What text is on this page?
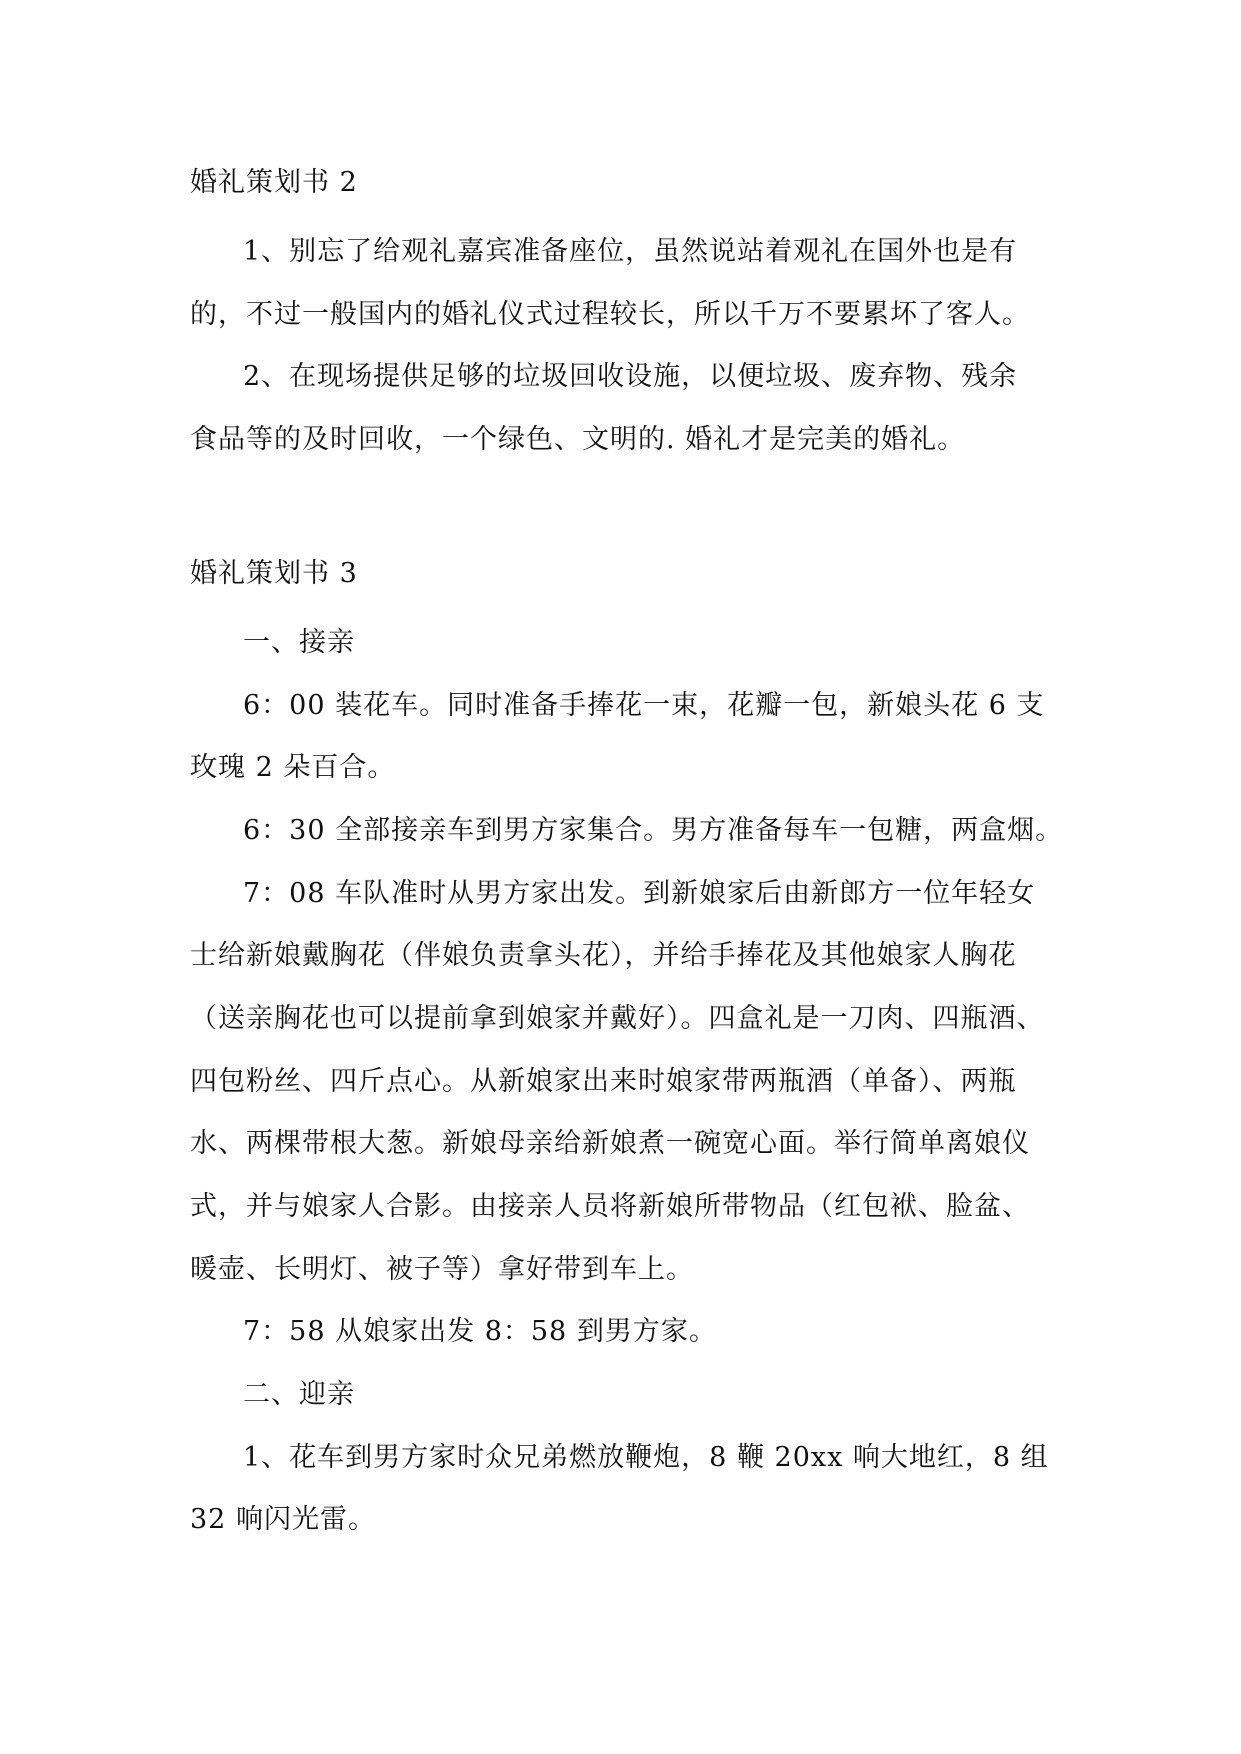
婚礼策划书 2
1、别忘了给观礼嘉宾准备座位，虽然说站着观礼在国外也是有
的，不过一般国内的婚礼仪式过程较长，所以千万不要累坏了客人。
2、在现场提供足够的垃圾回收设施，以便垃圾、废弃物、残余
食品等的及时回收，一个绿色、文明的. 婚礼才是完美的婚礼。
婚礼策划书 3
一、接亲
6：00 装花车。同时准备手捧花一束，花瓣一包，新娘头花 6 支
玫瑰 2 朵百合。
6：30 全部接亲车到男方家集合。男方准备每车一包糖，两盒烟。
7：08 车队准时从男方家出发。到新娘家后由新郎方一位年轻女
士给新娘戴胸花（伴娘负责拿头花），并给手捧花及其他娘家人胸花
（送亲胸花也可以提前拿到娘家并戴好）。四盒礼是一刀肉、四瓶酒、
四包粉丝、四斤点心。从新娘家出来时娘家带两瓶酒（单备）、两瓶
水、两棵带根大葱。新娘母亲给新娘煮一碗宽心面。举行简单离娘仪
式，并与娘家人合影。由接亲人员将新娘所带物品（红包袱、脸盆、
暖壶、长明灯、被子等）拿好带到车上。
7：58 从娘家出发 8：58 到男方家。
二、迎亲
1、花车到男方家时众兄弟燃放鞭炮，8 鞭 20xx 响大地红，8 组
32 响闪光雷。
